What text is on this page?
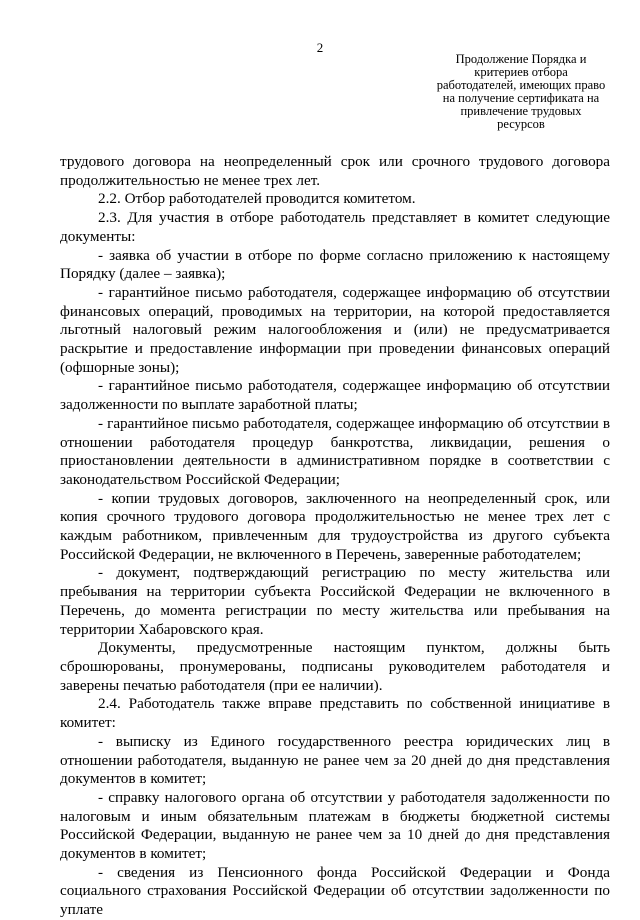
2
Продолжение Порядка и
критериев отбора
работодателей, имеющих право
на получение сертификата на
привлечение трудовых
ресурсов

трудового договора на неопределенный срок или срочного трудового договора продолжительностью не менее трех лет.

2.2. Отбор работодателей проводится комитетом.

2.3. Для участия в отборе работодатель представляет в комитет следующие документы:

- заявка об участии в отборе по форме согласно приложению к настоящему Порядку (далее – заявка);

- гарантийное письмо работодателя, содержащее информацию об отсутствии финансовых операций, проводимых на территории, на которой предоставляется льготный налоговый режим налогообложения и (или) не предусматривается раскрытие и предоставление информации при проведении финансовых операций (офшорные зоны);

- гарантийное письмо работодателя, содержащее информацию об отсутствии задолженности по выплате заработной платы;

- гарантийное письмо работодателя, содержащее информацию об отсутствии в отношении работодателя процедур банкротства, ликвидации, решения о приостановлении деятельности в административном порядке в соответствии с законодательством Российской Федерации;

- копии трудовых договоров, заключенного на неопределенный срок, или копия срочного трудового договора продолжительностью не менее трех лет с каждым работником, привлеченным для трудоустройства из другого субъекта Российской Федерации, не включенного в Перечень, заверенные работодателем;

- документ, подтверждающий регистрацию по месту жительства или пребывания на территории субъекта Российской Федерации не включенного в Перечень, до момента регистрации по месту жительства или пребывания на территории Хабаровского края.

Документы, предусмотренные настоящим пунктом, должны быть сброшюрованы, пронумерованы, подписаны руководителем работодателя и заверены печатью работодателя (при ее наличии).

2.4. Работодатель также вправе представить по собственной инициативе в комитет:

- выписку из Единого государственного реестра юридических лиц в отношении работодателя, выданную не ранее чем за 20 дней до дня представления документов в комитет;

- справку налогового органа об отсутствии у работодателя задолженности по налоговым и иным обязательным платежам в бюджеты бюджетной системы Российской Федерации, выданную не ранее чем за 10 дней до дня представления документов в комитет;

- сведения из Пенсионного фонда Российской Федерации и Фонда социального страхования Российской Федерации об отсутствии задолженности по уплате
